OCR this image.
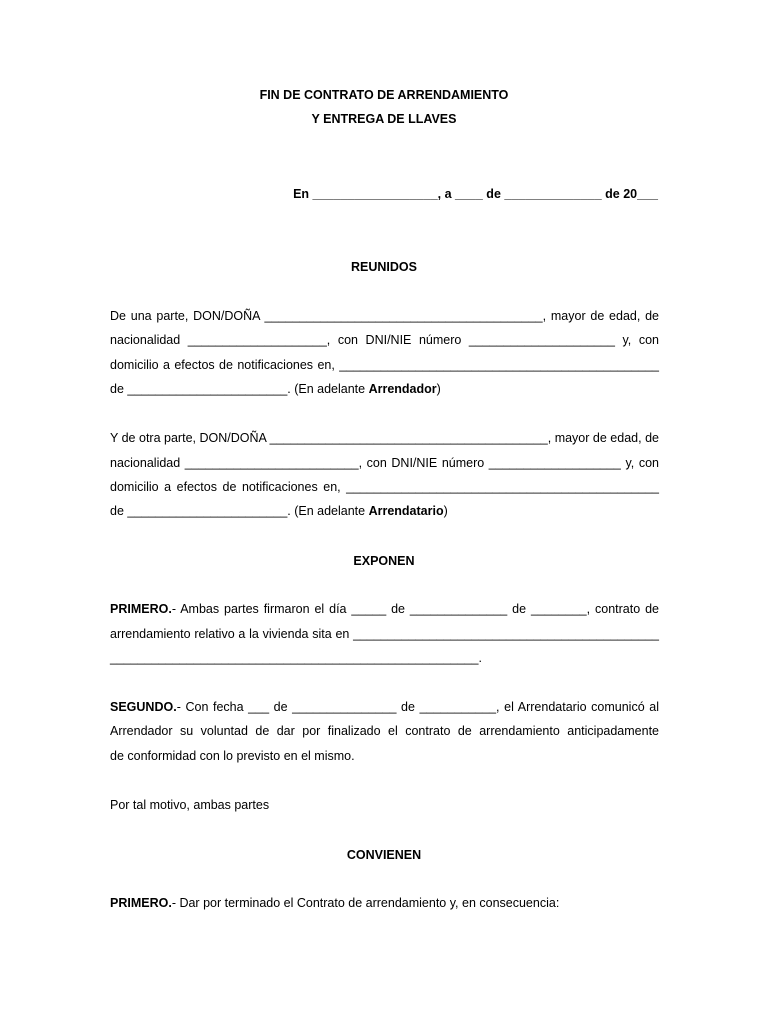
FIN DE CONTRATO DE ARRENDAMIENTO
Y ENTREGA DE LLAVES
En __________________, a ____ de ______________ de 20___
REUNIDOS
De una parte, DON/DOÑA ________________________________________, mayor de edad, de
nacionalidad ____________________, con DNI/NIE número _____________________ y, con
domicilio a efectos de notificaciones en, ______________________________________________
de _______________________. (En adelante Arrendador)
Y de otra parte, DON/DOÑA ________________________________________, mayor de edad, de
nacionalidad _________________________, con DNI/NIE número ___________________ y, con
domicilio a efectos de notificaciones en, _____________________________________________
de _______________________. (En adelante Arrendatario)
EXPONEN
PRIMERO.- Ambas partes firmaron el día _____ de ______________ de ________, contrato de
arrendamiento relativo a la vivienda sita en ____________________________________________
_____________________________________________________.
SEGUNDO.- Con fecha ___ de _______________ de ___________, el Arrendatario comunicó al
Arrendador su voluntad de dar por finalizado el contrato de arrendamiento anticipadamente
de conformidad con lo previsto en el mismo.
Por tal motivo, ambas partes
CONVIENEN
PRIMERO.- Dar por terminado el Contrato de arrendamiento y, en consecuencia:
